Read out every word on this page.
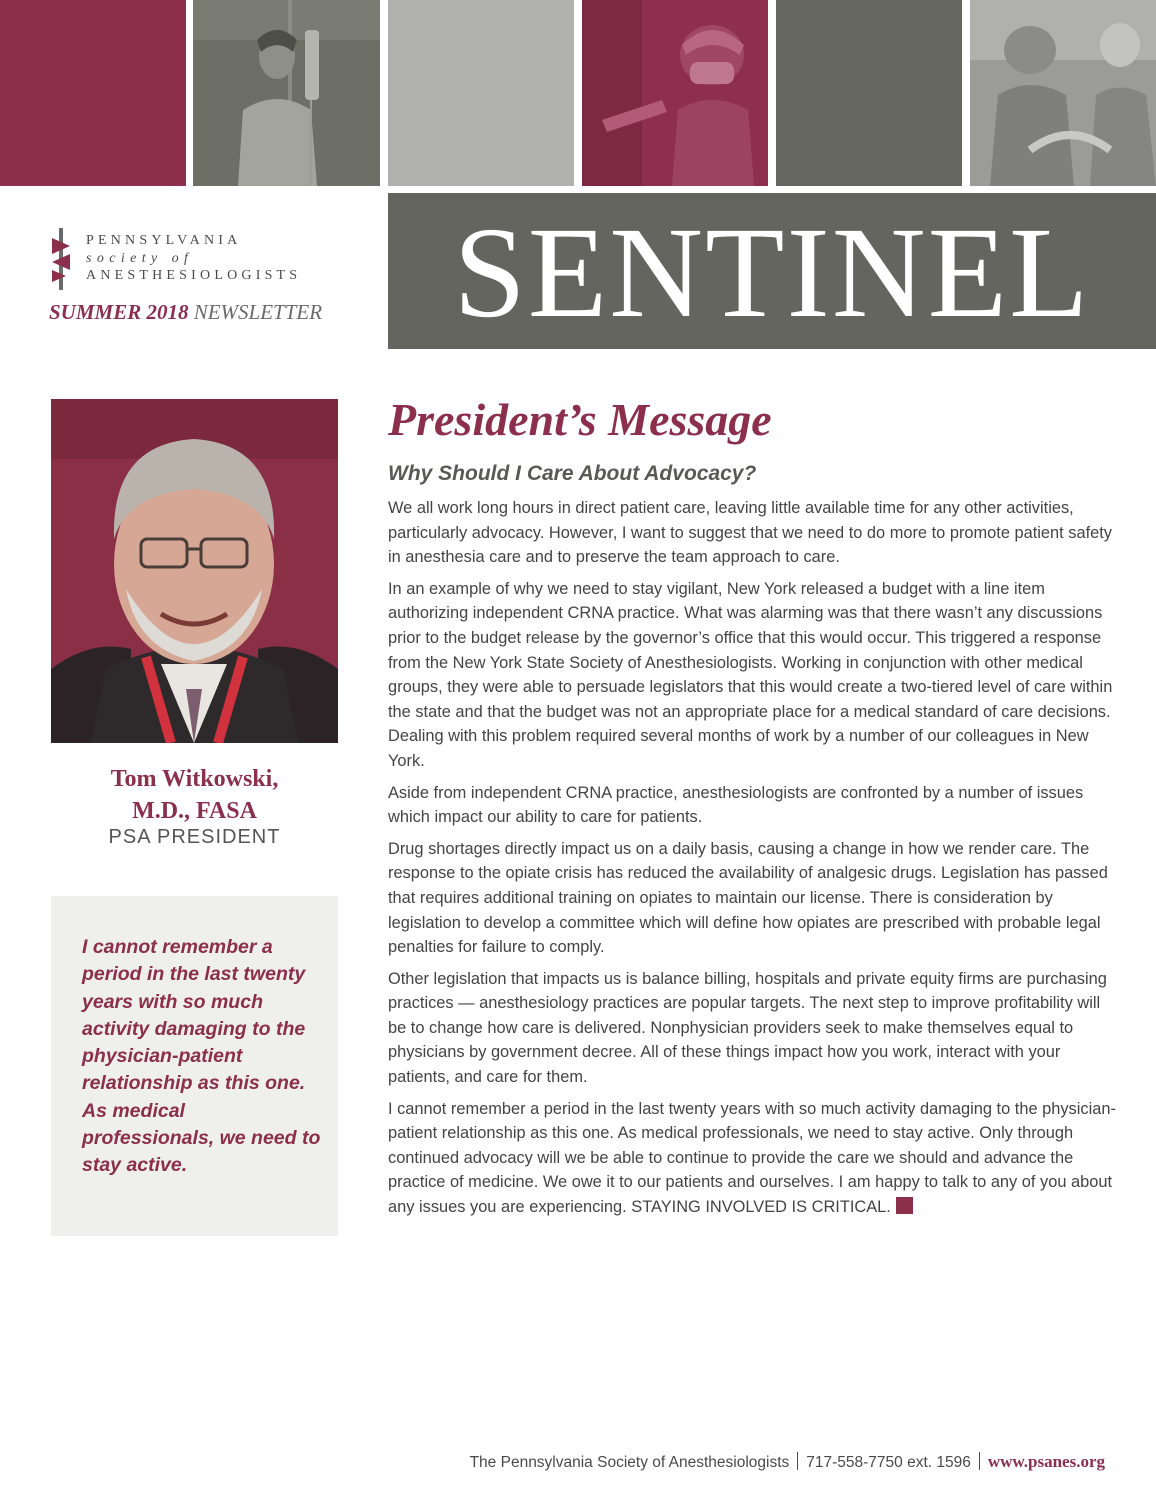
PENNSYLVANIA
society of
ANESTHESIOLOGISTS
SUMMER 2018 NEWSLETTER	SENTINEL
Tom Witkowski,
M.D., FASA
PSA PRESIDENT
I cannot remember a period in the last twenty years with so much activity damaging to the physician-patient relationship as this one. As medical professionals, we need to stay active.
President’s Message
Why Should I Care About Advocacy?

We all work long hours in direct patient care, leaving little available time for any other activities, particularly advocacy. However, I want to suggest that we need to do more to promote patient safety in anesthesia care and to preserve the team approach to care.

In an example of why we need to stay vigilant, New York released a budget with a line item authorizing independent CRNA practice. What was alarming was that there wasn’t any discussions prior to the budget release by the governor’s office that this would occur. This triggered a response from the New York State Society of Anesthesiologists. Working in conjunction with other medical groups, they were able to persuade legislators that this would create a two-tiered level of care within the state and that the budget was not an appropriate place for a medical standard of care decisions. Dealing with this problem required several months of work by a number of our colleagues in New York.

Aside from independent CRNA practice, anesthesiologists are confronted by a number of issues which impact our ability to care for patients.

Drug shortages directly impact us on a daily basis, causing a change in how we render care. The response to the opiate crisis has reduced the availability of analgesic drugs. Legislation has passed that requires additional training on opiates to maintain our license. There is consideration by legislation to develop a committee which will define how opiates are prescribed with probable legal penalties for failure to comply.

Other legislation that impacts us is balance billing, hospitals and private equity firms are purchasing practices — anesthesiology practices are popular targets. The next step to improve profitability will be to change how care is delivered. Nonphysician providers seek to make themselves equal to physicians by government decree. All of these things impact how you work, interact with your patients, and care for them.

I cannot remember a period in the last twenty years with so much activity damaging to the physician-patient relationship as this one. As medical professionals, we need to stay active. Only through continued advocacy will we be able to continue to provide the care we should and advance the practice of medicine. We owe it to our patients and ourselves. I am happy to talk to any of you about any issues you are experiencing. STAYING INVOLVED IS CRITICAL.

The Pennsylvania Society of Anesthesiologists 717-558-7750 ext. 1596 www.psanes.org
